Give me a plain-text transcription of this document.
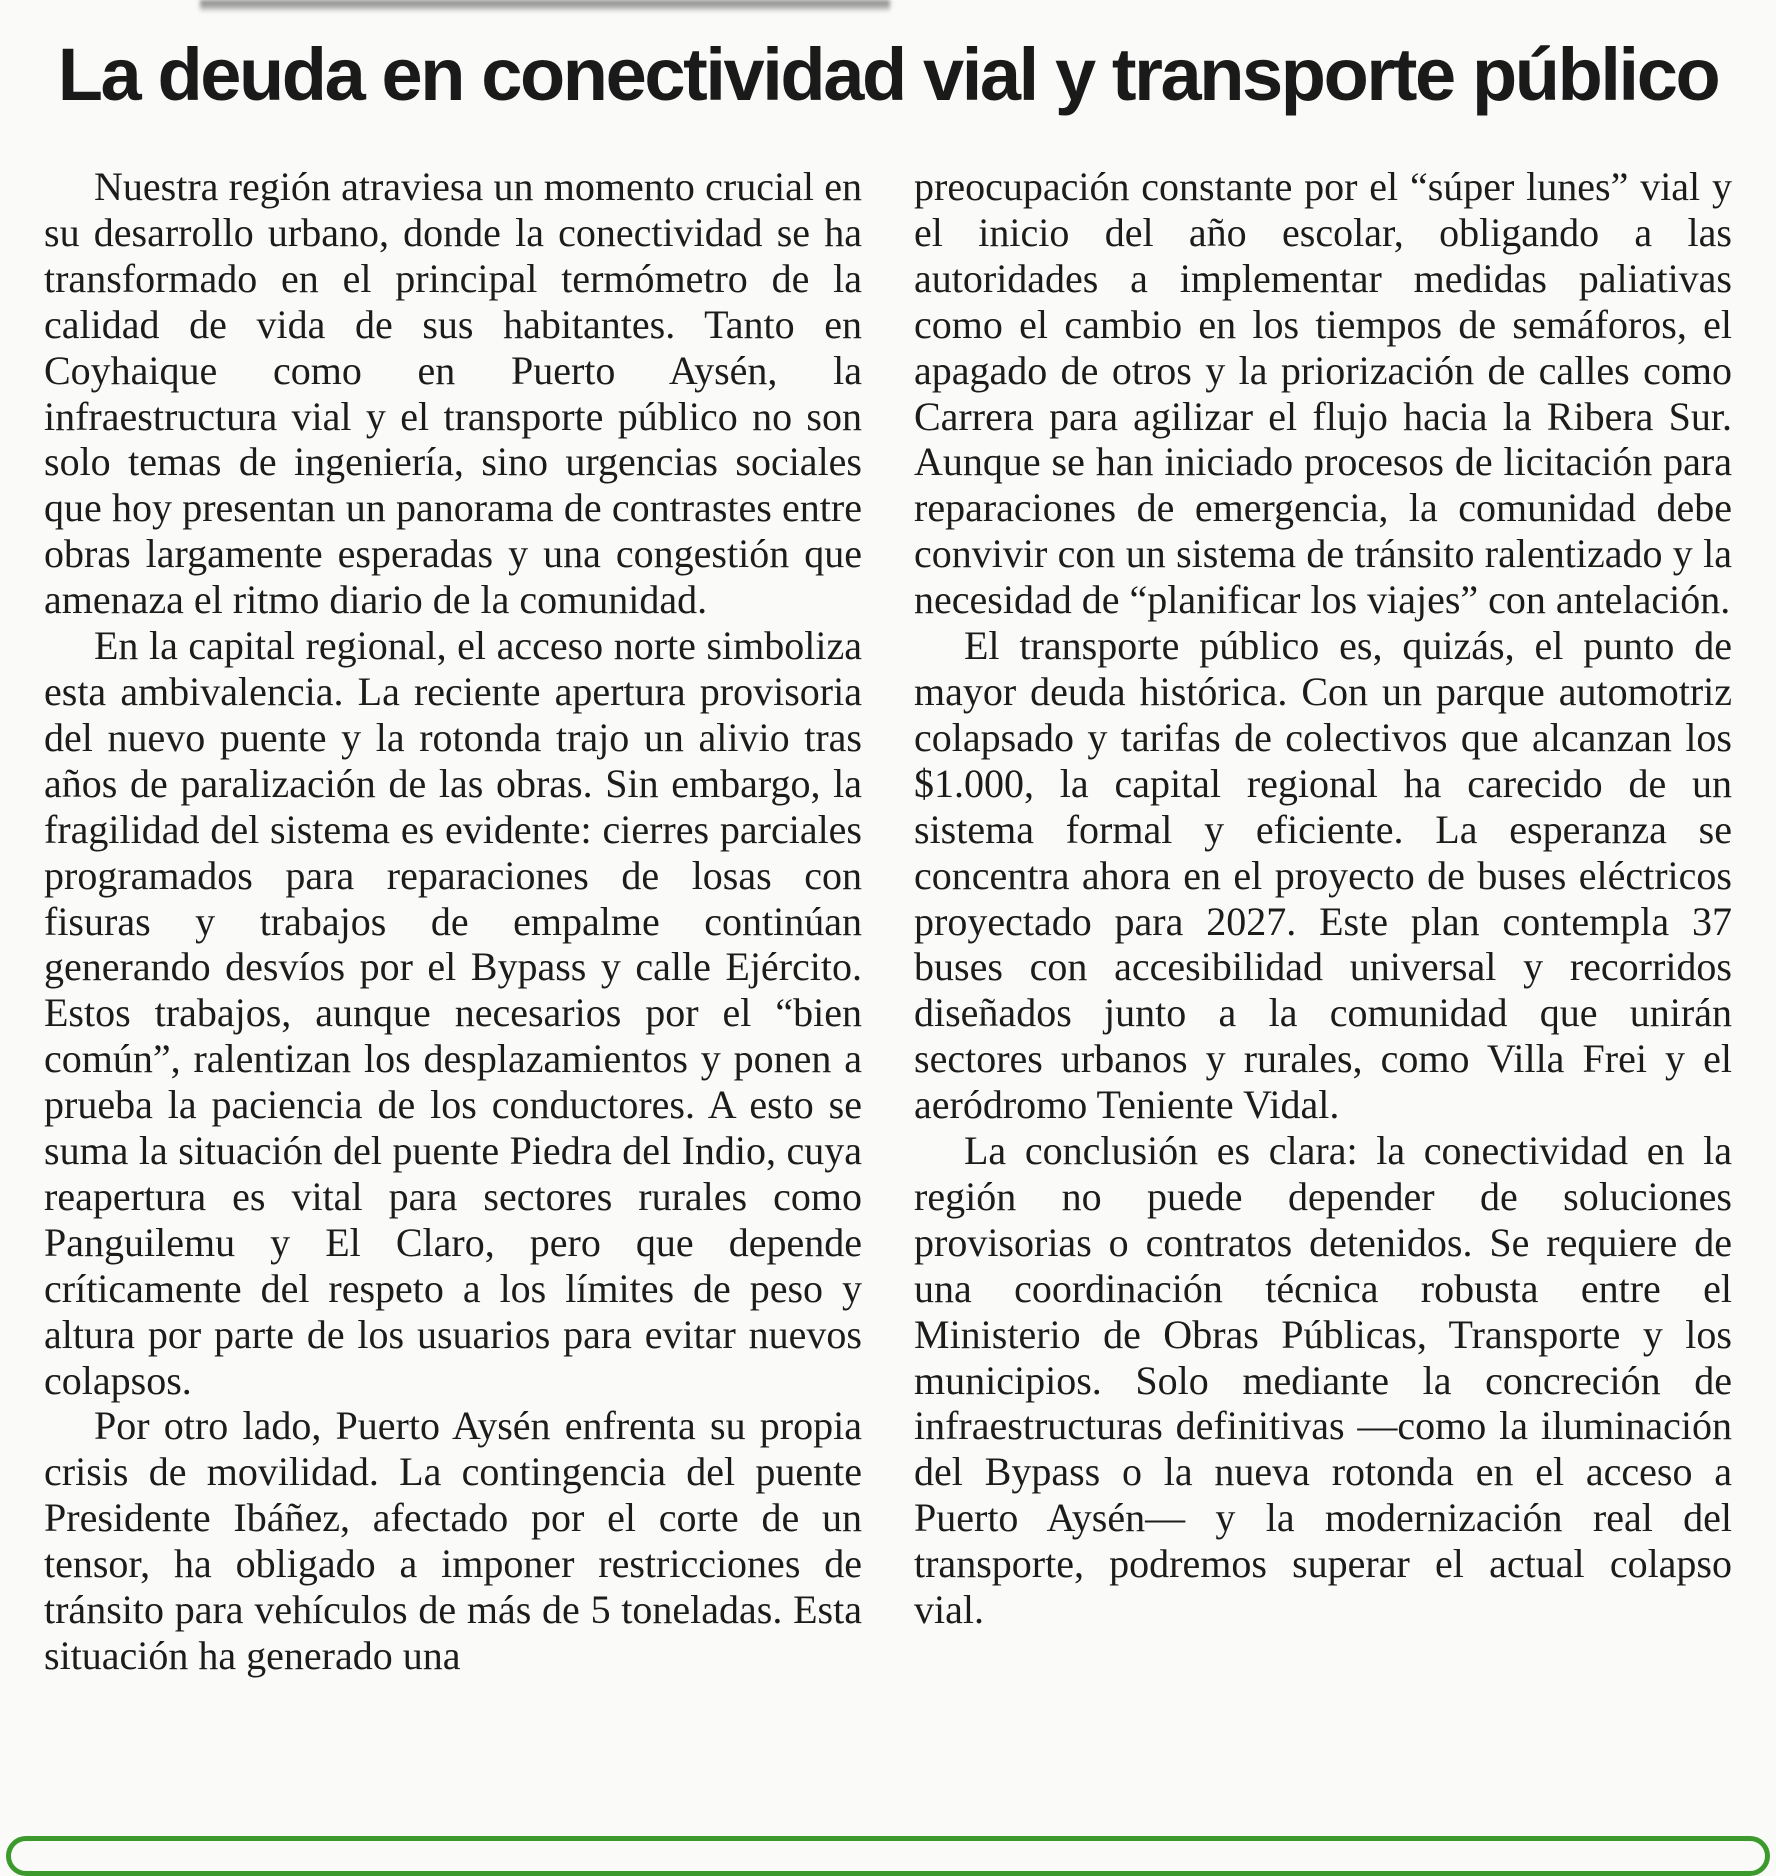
La deuda en conectividad vial y transporte público

Nuestra región atraviesa un momento crucial en su desarrollo urbano, donde la conectividad se ha transformado en el principal termómetro de la calidad de vida de sus habitantes. Tanto en Coyhaique como en Puerto Aysén, la infraestructura vial y el transporte público no son solo temas de ingeniería, sino urgencias sociales que hoy presentan un panorama de contrastes entre obras largamente esperadas y una congestión que amenaza el ritmo diario de la comunidad.

En la capital regional, el acceso norte simboliza esta ambivalencia. La reciente apertura provisoria del nuevo puente y la rotonda trajo un alivio tras años de paralización de las obras. Sin embargo, la fragilidad del sistema es evidente: cierres parciales programados para reparaciones de losas con fisuras y trabajos de empalme continúan generando desvíos por el Bypass y calle Ejército. Estos trabajos, aunque necesarios por el “bien común”, ralentizan los desplazamientos y ponen a prueba la paciencia de los conductores. A esto se suma la situación del puente Piedra del Indio, cuya reapertura es vital para sectores rurales como Panguilemu y El Claro, pero que depende críticamente del respeto a los límites de peso y altura por parte de los usuarios para evitar nuevos colapsos.

Por otro lado, Puerto Aysén enfrenta su propia crisis de movilidad. La contingencia del puente Presidente Ibáñez, afectado por el corte de un tensor, ha obligado a imponer restricciones de tránsito para vehículos de más de 5 toneladas. Esta situación ha generado una

preocupación constante por el “súper lunes” vial y el inicio del año escolar, obligando a las autoridades a implementar medidas paliativas como el cambio en los tiempos de semáforos, el apagado de otros y la priorización de calles como Carrera para agilizar el flujo hacia la Ribera Sur. Aunque se han iniciado procesos de licitación para reparaciones de emergencia, la comunidad debe convivir con un sistema de tránsito ralentizado y la necesidad de “planificar los viajes” con antelación.

El transporte público es, quizás, el punto de mayor deuda histórica. Con un parque automotriz colapsado y tarifas de colectivos que alcanzan los $1.000, la capital regional ha carecido de un sistema formal y eficiente. La esperanza se concentra ahora en el proyecto de buses eléctricos proyectado para 2027. Este plan contempla 37 buses con accesibilidad universal y recorridos diseñados junto a la comunidad que unirán sectores urbanos y rurales, como Villa Frei y el aeródromo Teniente Vidal.

La conclusión es clara: la conectividad en la región no puede depender de soluciones provisorias o contratos detenidos. Se requiere de una coordinación técnica robusta entre el Ministerio de Obras Públicas, Transporte y los municipios. Solo mediante la concreción de infraestructuras definitivas —como la iluminación del Bypass o la nueva rotonda en el acceso a Puerto Aysén— y la modernización real del transporte, podremos superar el actual colapso vial.
